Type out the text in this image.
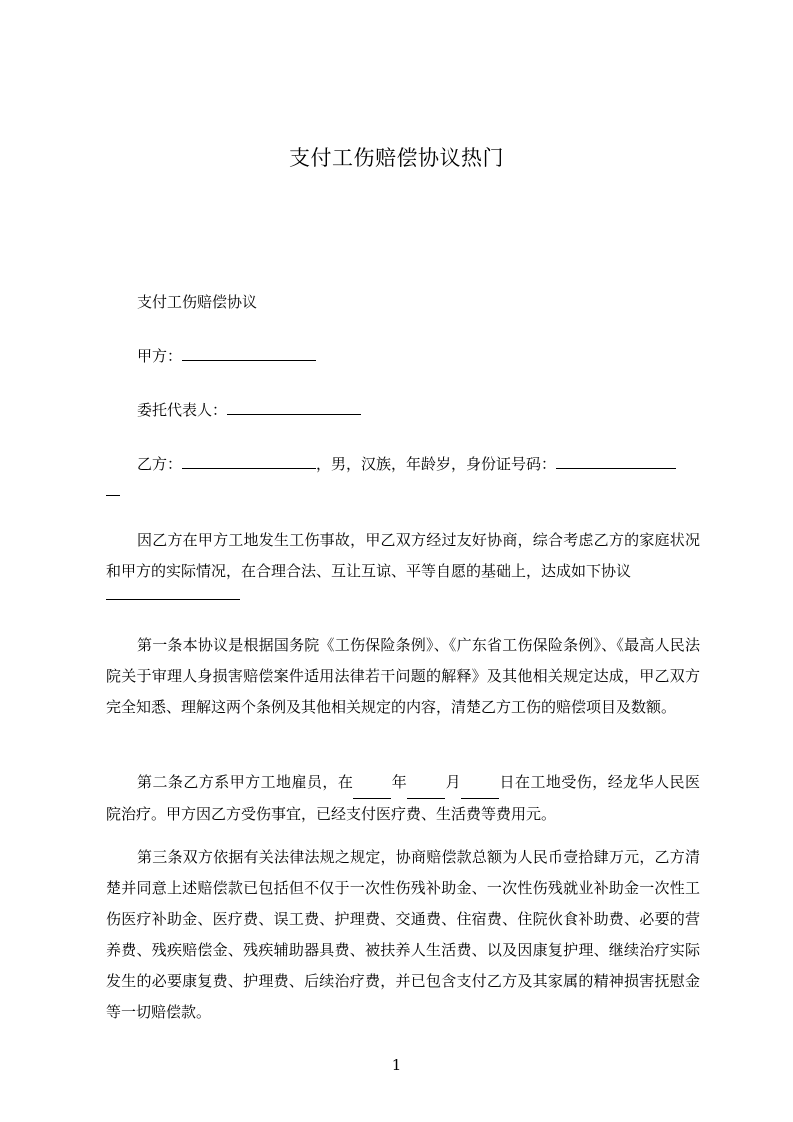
支付工伤赔偿协议热门
支付工伤赔偿协议
甲方：
委托代表人：
乙方：	，男，汉族，年龄岁，身份证号码：
因乙方在甲方工地发生工伤事故，甲乙双方经过友好协商，综合考虑乙方的家庭状况和甲方的实际情况，在合理合法、互让互谅、平等自愿的基础上，达成如下协议
第一条本协议是根据国务院《工伤保险条例》、《广东省工伤保险条例》、《最高人民法院关于审理人身损害赔偿案件适用法律若干问题的解释》及其他相关规定达成，甲乙双方完全知悉、理解这两个条例及其他相关规定的内容，清楚乙方工伤的赔偿项目及数额。
第二条乙方系甲方工地雇员，在	年	月	日在工地受伤，经龙华人民医院治疗。甲方因乙方受伤事宜，已经支付医疗费、生活费等费用元。
第三条双方依据有关法律法规之规定，协商赔偿款总额为人民币壹拾肆万元，乙方清楚并同意上述赔偿款已包括但不仅于一次性伤残补助金、一次性伤残就业补助金一次性工伤医疗补助金、医疗费、误工费、护理费、交通费、住宿费、住院伙食补助费、必要的营养费、残疾赔偿金、残疾辅助器具费、被扶养人生活费、以及因康复护理、继续治疗实际发生的必要康复费、护理费、后续治疗费，并已包含支付乙方及其家属的精神损害抚慰金等一切赔偿款。
1
